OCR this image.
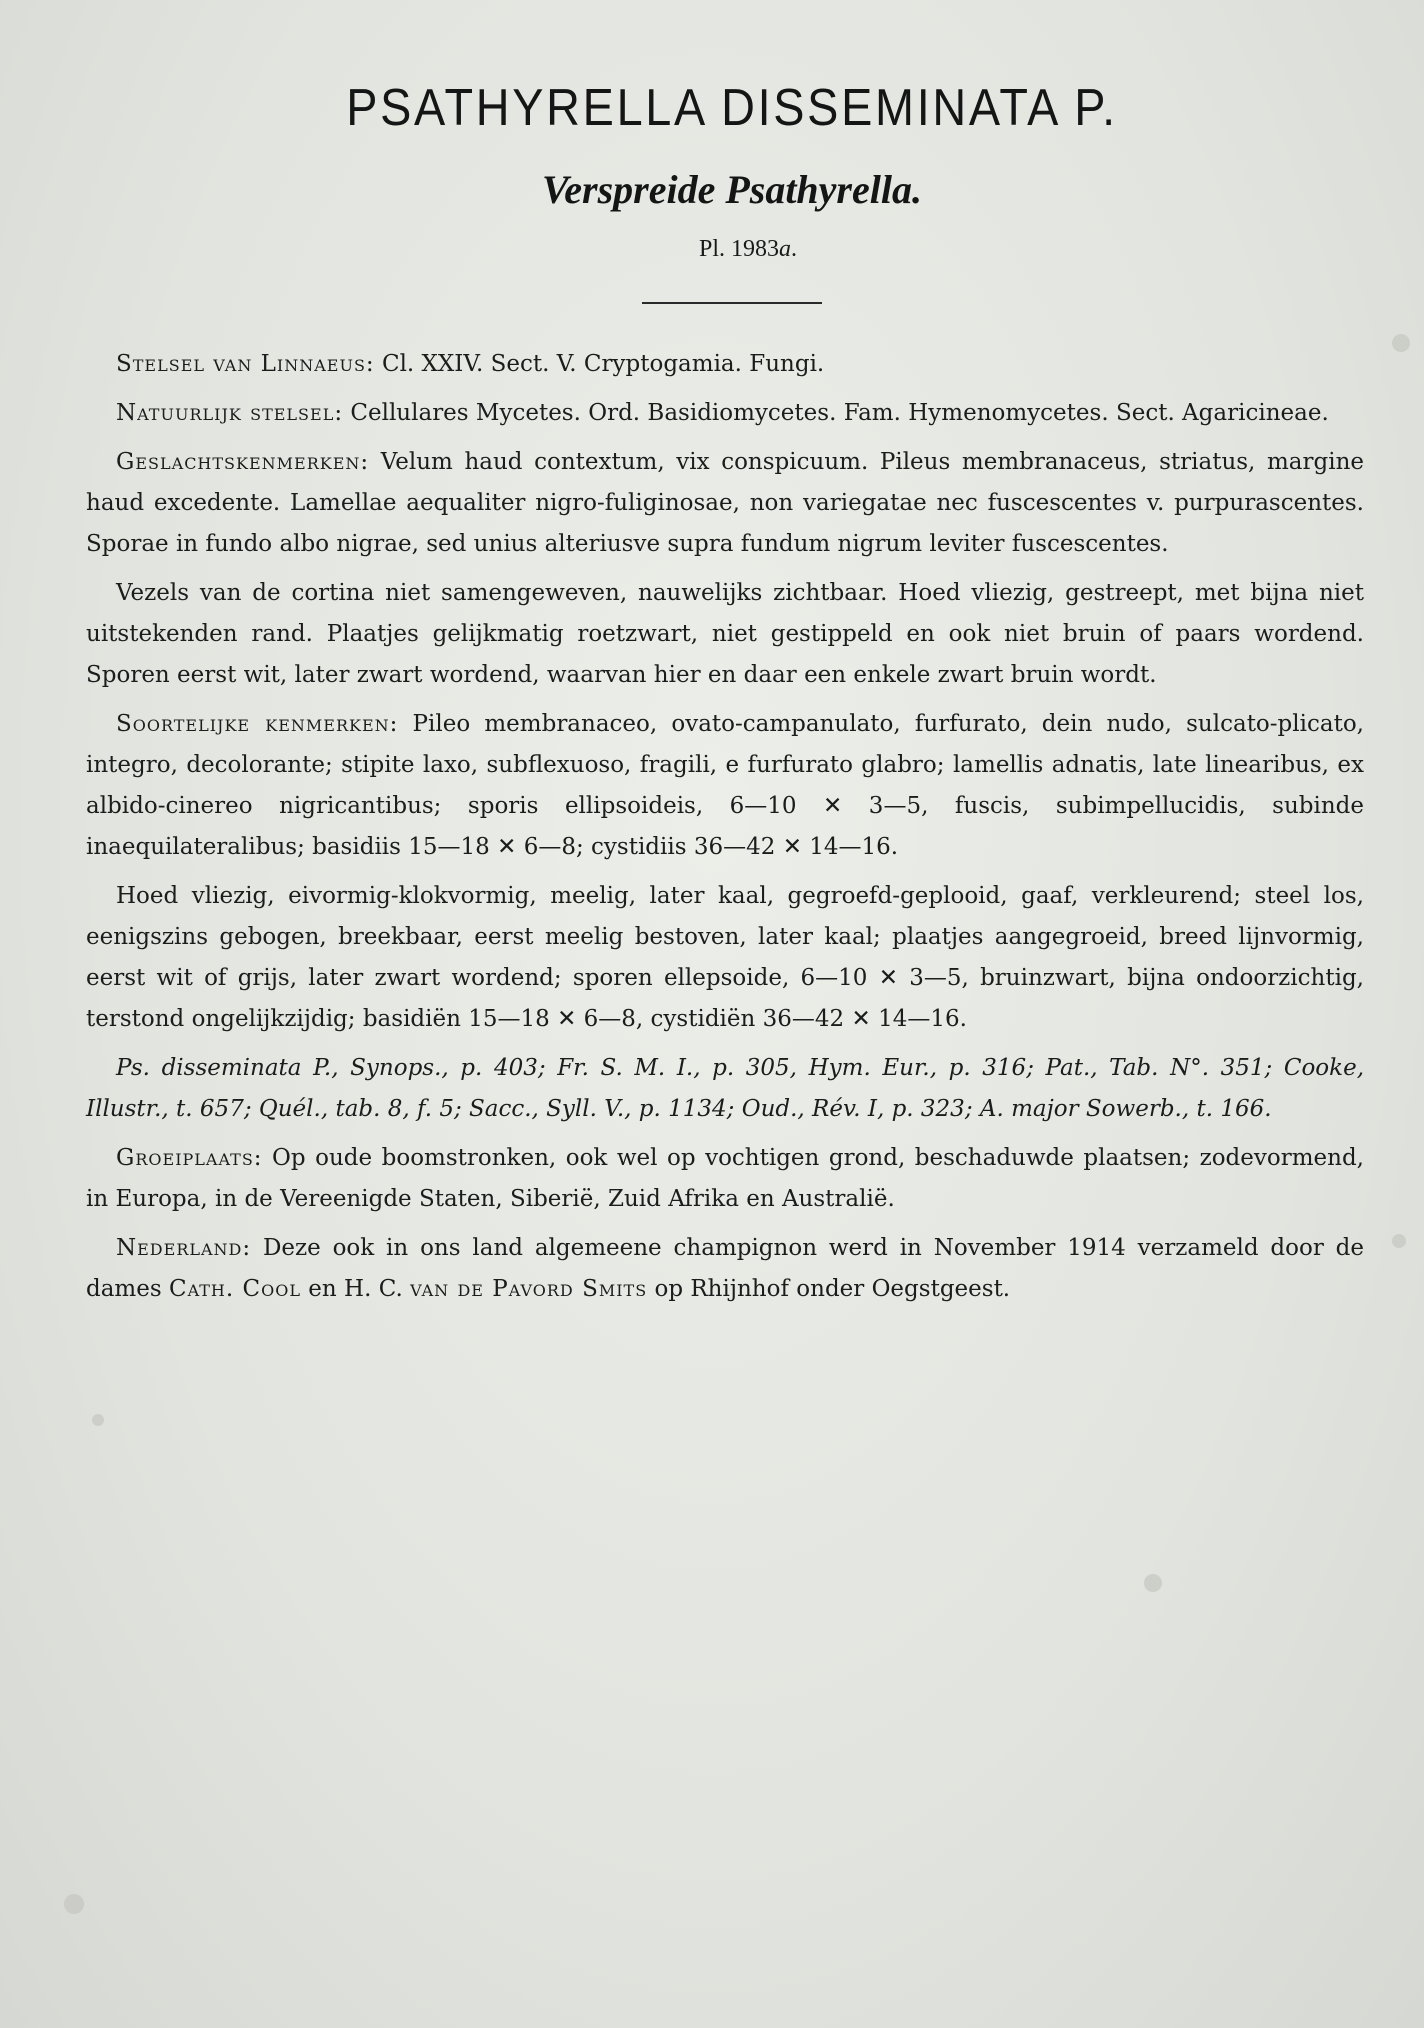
PSATHYRELLA DISSEMINATA P.
Verspreide Psathyrella.
Pl. 1983a.

Stelsel van Linnaeus: Cl. XXIV. Sect. V. Cryptogamia. Fungi.

Natuurlijk stelsel: Cellulares Mycetes. Ord. Basidiomycetes. Fam. Hymenomycetes. Sect. Agaricineae.

Geslachtskenmerken: Velum haud contextum, vix conspicuum. Pileus membranaceus, striatus, margine haud excedente. Lamellae aequaliter nigro-fuliginosae, non variegatae nec fuscescentes v. purpurascentes. Sporae in fundo albo nigrae, sed unius alteriusve supra fundum nigrum leviter fuscescentes.

Vezels van de cortina niet samengeweven, nauwelijks zichtbaar. Hoed vliezig, gestreept, met bijna niet uitstekenden rand. Plaatjes gelijkmatig roetzwart, niet gestippeld en ook niet bruin of paars wordend. Sporen eerst wit, later zwart wordend, waarvan hier en daar een enkele zwart bruin wordt.

Soortelijke kenmerken: Pileo membranaceo, ovato-campanulato, furfurato, dein nudo, sulcato-plicato, integro, decolorante; stipite laxo, subflexuoso, fragili, e furfurato glabro; lamellis adnatis, late linearibus, ex albido-cinereo nigricantibus; sporis ellipsoideis, 6—10 ✕ 3—5, fuscis, subimpellucidis, subinde inaequilateralibus; basidiis 15—18 ✕ 6—8; cystidiis 36—42 ✕ 14—16.

Hoed vliezig, eivormig-klokvormig, meelig, later kaal, gegroefd-geplooid, gaaf, verkleurend; steel los, eenigszins gebogen, breekbaar, eerst meelig bestoven, later kaal; plaatjes aangegroeid, breed lijnvormig, eerst wit of grijs, later zwart wordend; sporen ellepsoide, 6—10 ✕ 3—5, bruinzwart, bijna ondoorzichtig, terstond ongelijkzijdig; basidiën 15—18 ✕ 6—8, cystidiën 36—42 ✕ 14—16.

Ps. disseminata P., Synops., p. 403; Fr. S. M. I., p. 305, Hym. Eur., p. 316; Pat., Tab. N°. 351; Cooke, Illustr., t. 657; Quél., tab. 8, f. 5; Sacc., Syll. V., p. 1134; Oud., Rév. I, p. 323; A. major Sowerb., t. 166.

Groeiplaats: Op oude boomstronken, ook wel op vochtigen grond, beschaduwde plaatsen; zodevormend, in Europa, in de Vereenigde Staten, Siberië, Zuid Afrika en Australië.

Nederland: Deze ook in ons land algemeene champignon werd in November 1914 verzameld door de dames Cath. Cool en H. C. van de Pavord Smits op Rhijnhof onder Oegstgeest.
